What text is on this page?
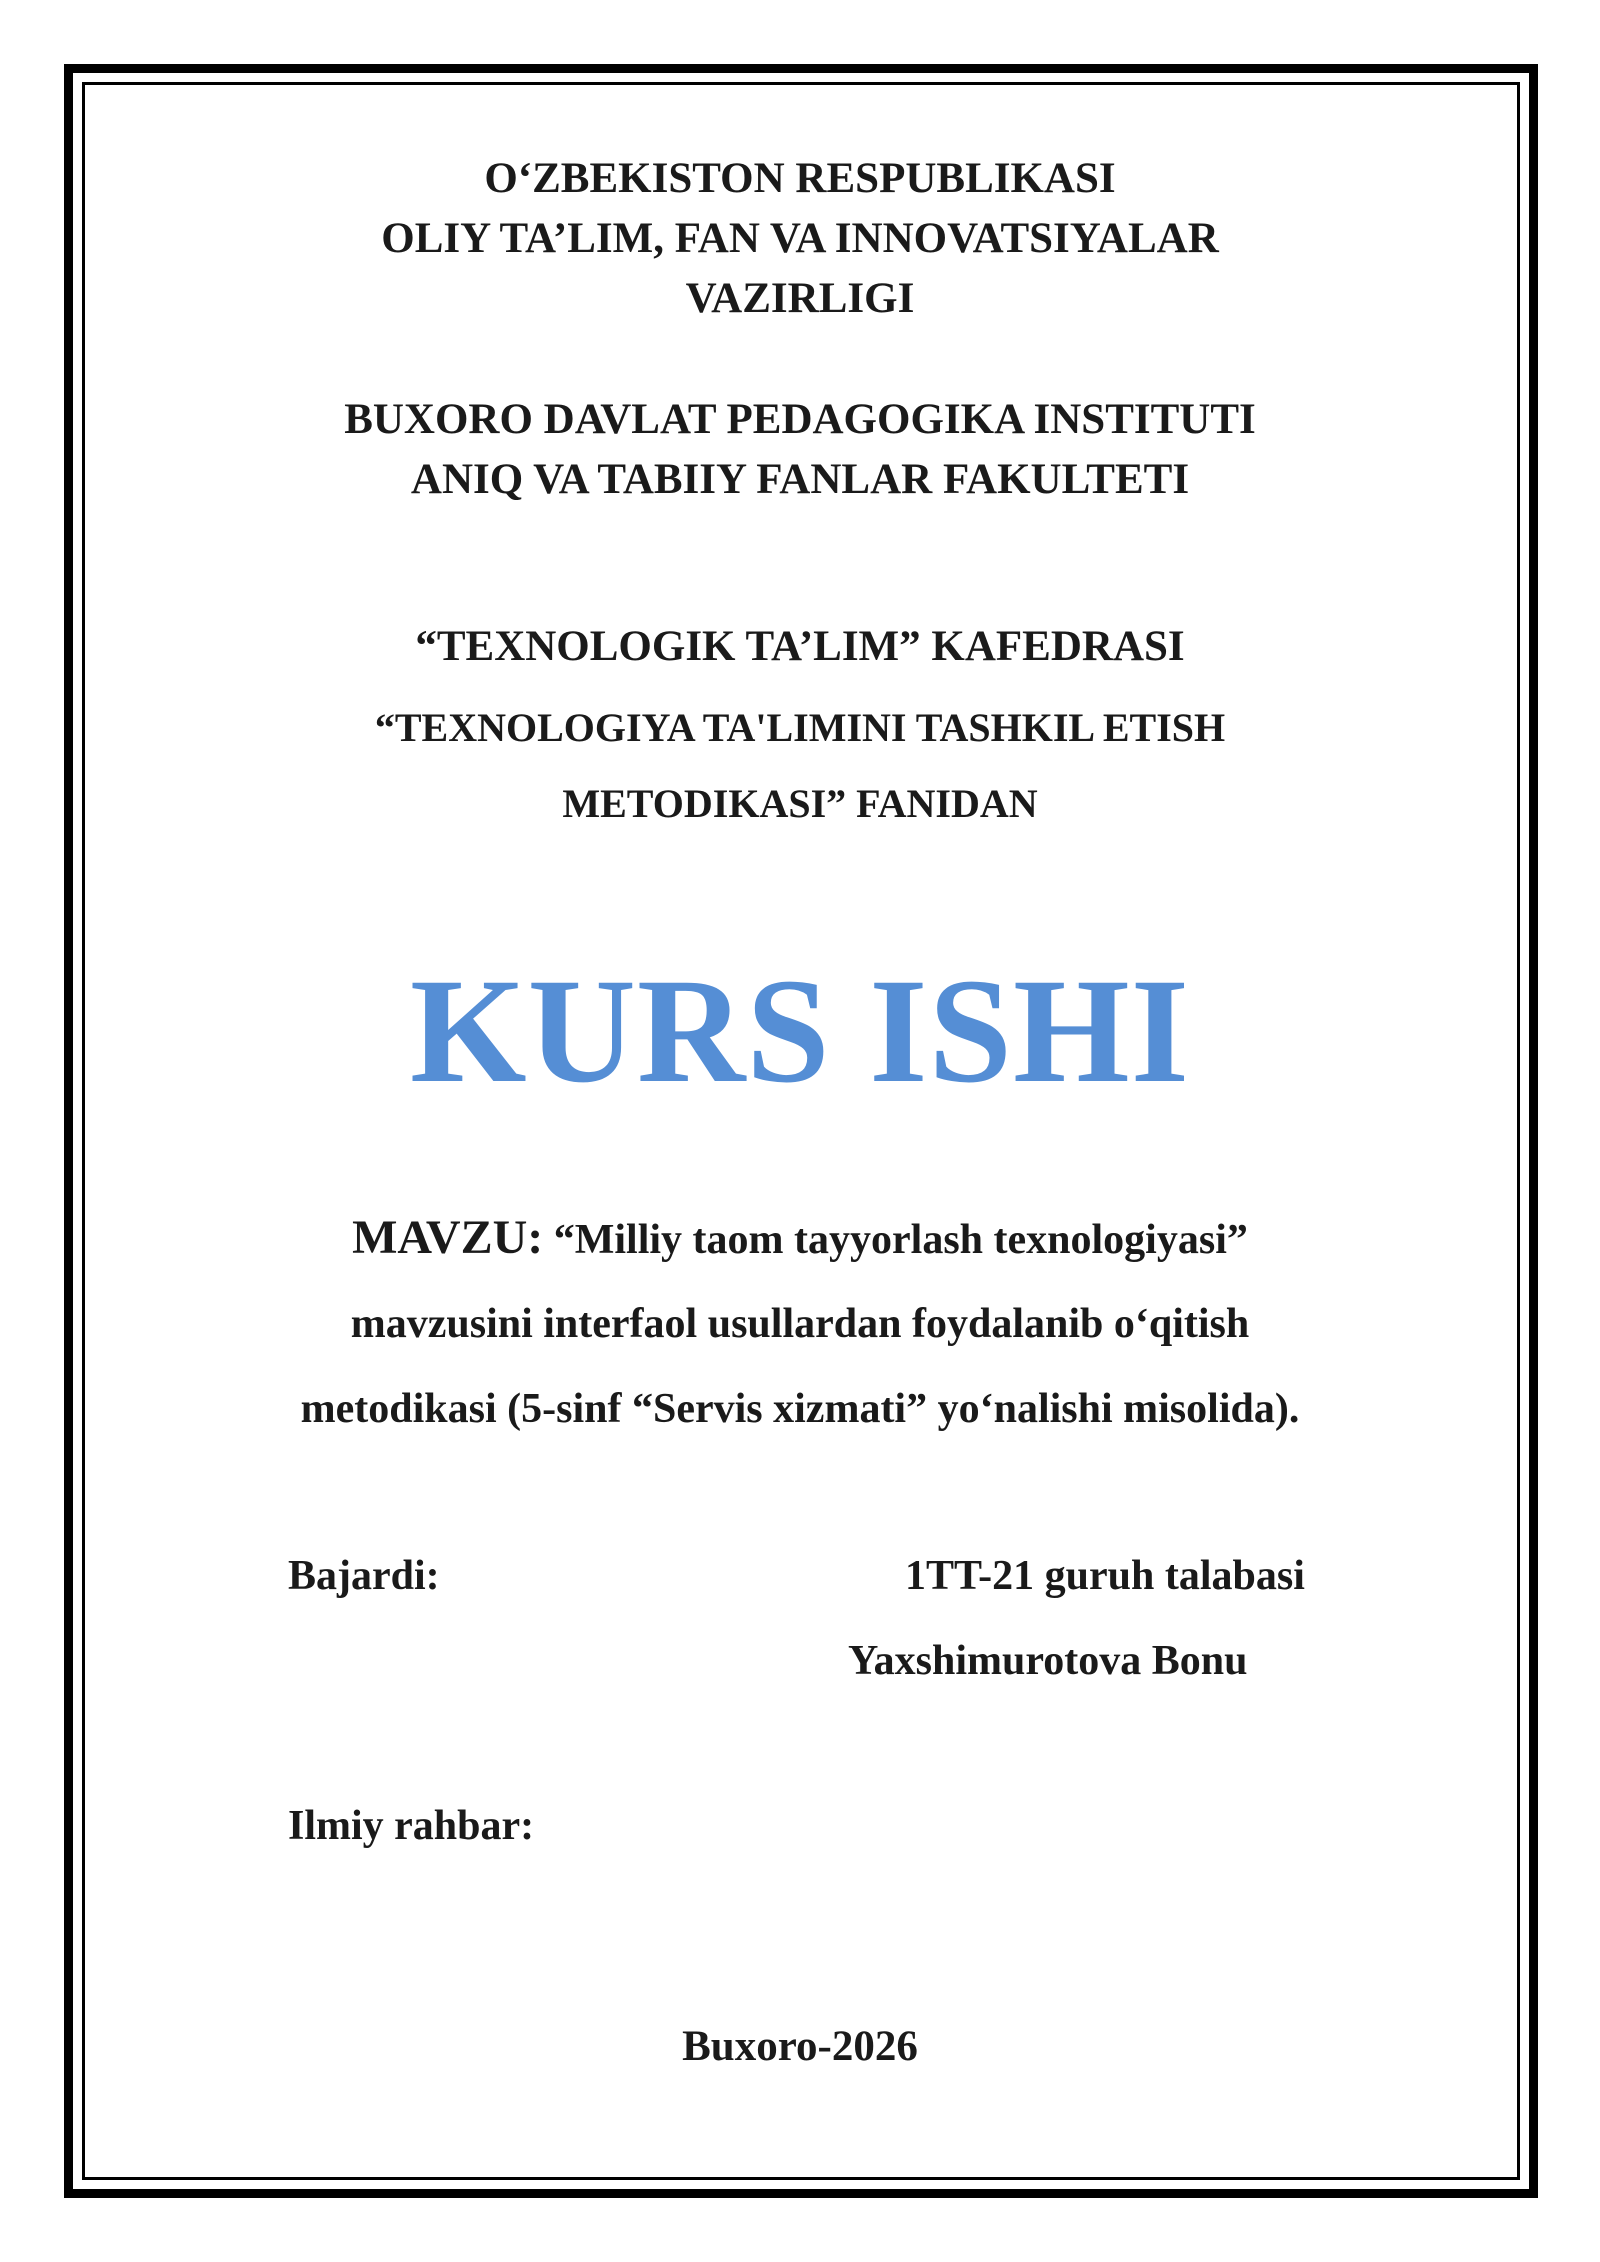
O‘ZBEKISTON RESPUBLIKASI
OLIY TA’LIM, FAN VA INNOVATSIYALAR
VAZIRLIGI
BUXORO DAVLAT PEDAGOGIKA INSTITUTI
ANIQ VA TABIIY FANLAR FAKULTETI
“TEXNOLOGIK TA’LIM” KAFEDRASI
“TEXNOLOGIYA TA'LIMINI TASHKIL ETISH
METODIKASI” FANIDAN
KURS ISHI
MAVZU: “Milliy taom tayyorlash texnologiyasi”
mavzusini interfaol usullardan foydalanib o‘qitish
metodikasi (5-sinf “Servis xizmati” yo‘nalishi misolida).
Bajardi:	1TT-21 guruh talabasi
Yaxshimurotova Bonu
Ilmiy rahbar:
Buxoro-2026
